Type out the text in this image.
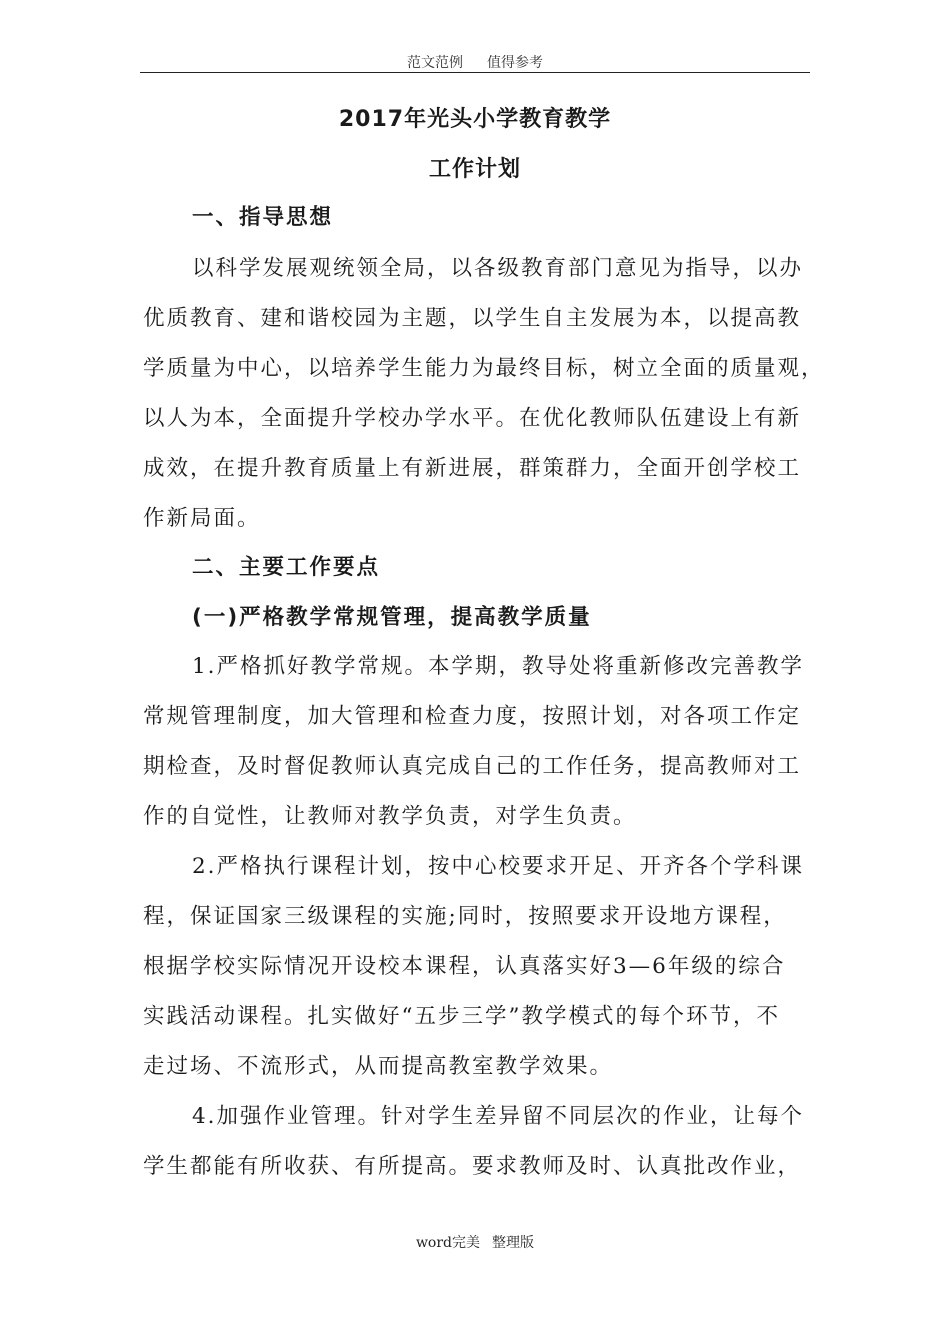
范文范例 值得参考
2017年光头小学教育教学
工作计划
一、指导思想
以科学发展观统领全局，以各级教育部门意见为指导，以办
优质教育、建和谐校园为主题，以学生自主发展为本，以提高教
学质量为中心，以培养学生能力为最终目标，树立全面的质量观，
以人为本，全面提升学校办学水平。在优化教师队伍建设上有新
成效，在提升教育质量上有新进展，群策群力，全面开创学校工
作新局面。
二、主要工作要点
(一)严格教学常规管理，提高教学质量
1.严格抓好教学常规。本学期，教导处将重新修改完善教学
常规管理制度，加大管理和检查力度，按照计划，对各项工作定
期检查，及时督促教师认真完成自己的工作任务，提高教师对工
作的自觉性，让教师对教学负责，对学生负责。
2.严格执行课程计划，按中心校要求开足、开齐各个学科课
程，保证国家三级课程的实施;同时，按照要求开设地方课程，
根据学校实际情况开设校本课程，认真落实好3—6年级的综合
实践活动课程。扎实做好“五步三学”教学模式的每个环节，不
走过场、不流形式，从而提高教室教学效果。
4.加强作业管理。针对学生差异留不同层次的作业，让每个
学生都能有所收获、有所提高。要求教师及时、认真批改作业，
word完美 整理版
